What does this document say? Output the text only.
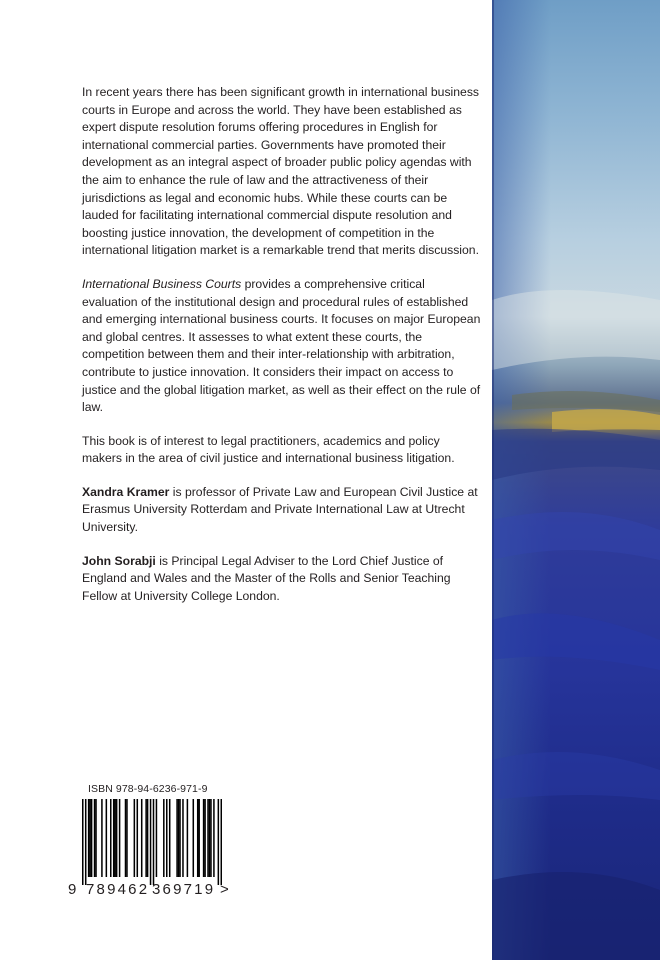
In recent years there has been significant growth in international business courts in Europe and across the world. They have been established as expert dispute resolution forums offering procedures in English for international commercial parties. Governments have promoted their development as an integral aspect of broader public policy agendas with the aim to enhance the rule of law and the attractiveness of their jurisdictions as legal and economic hubs. While these courts can be lauded for facilitating international commercial dispute resolution and boosting justice innovation, the development of competition in the international litigation market is a remarkable trend that merits discussion.

International Business Courts provides a comprehensive critical evaluation of the institutional design and procedural rules of established and emerging international business courts. It focuses on major European and global centres. It assesses to what extent these courts, the competition between them and their inter-relationship with arbitration, contribute to justice innovation. It considers their impact on access to justice and the global litigation market, as well as their effect on the rule of law.

This book is of interest to legal practitioners, academics and policy makers in the area of civil justice and international business litigation.

Xandra Kramer is professor of Private Law and European Civil Justice at Erasmus University Rotterdam and Private International Law at Utrecht University.

John Sorabji is Principal Legal Adviser to the Lord Chief Justice of England and Wales and the Master of the Rolls and Senior Teaching Fellow at University College London.

ISBN 978-94-6236-971-9
9 789462 369719 >
